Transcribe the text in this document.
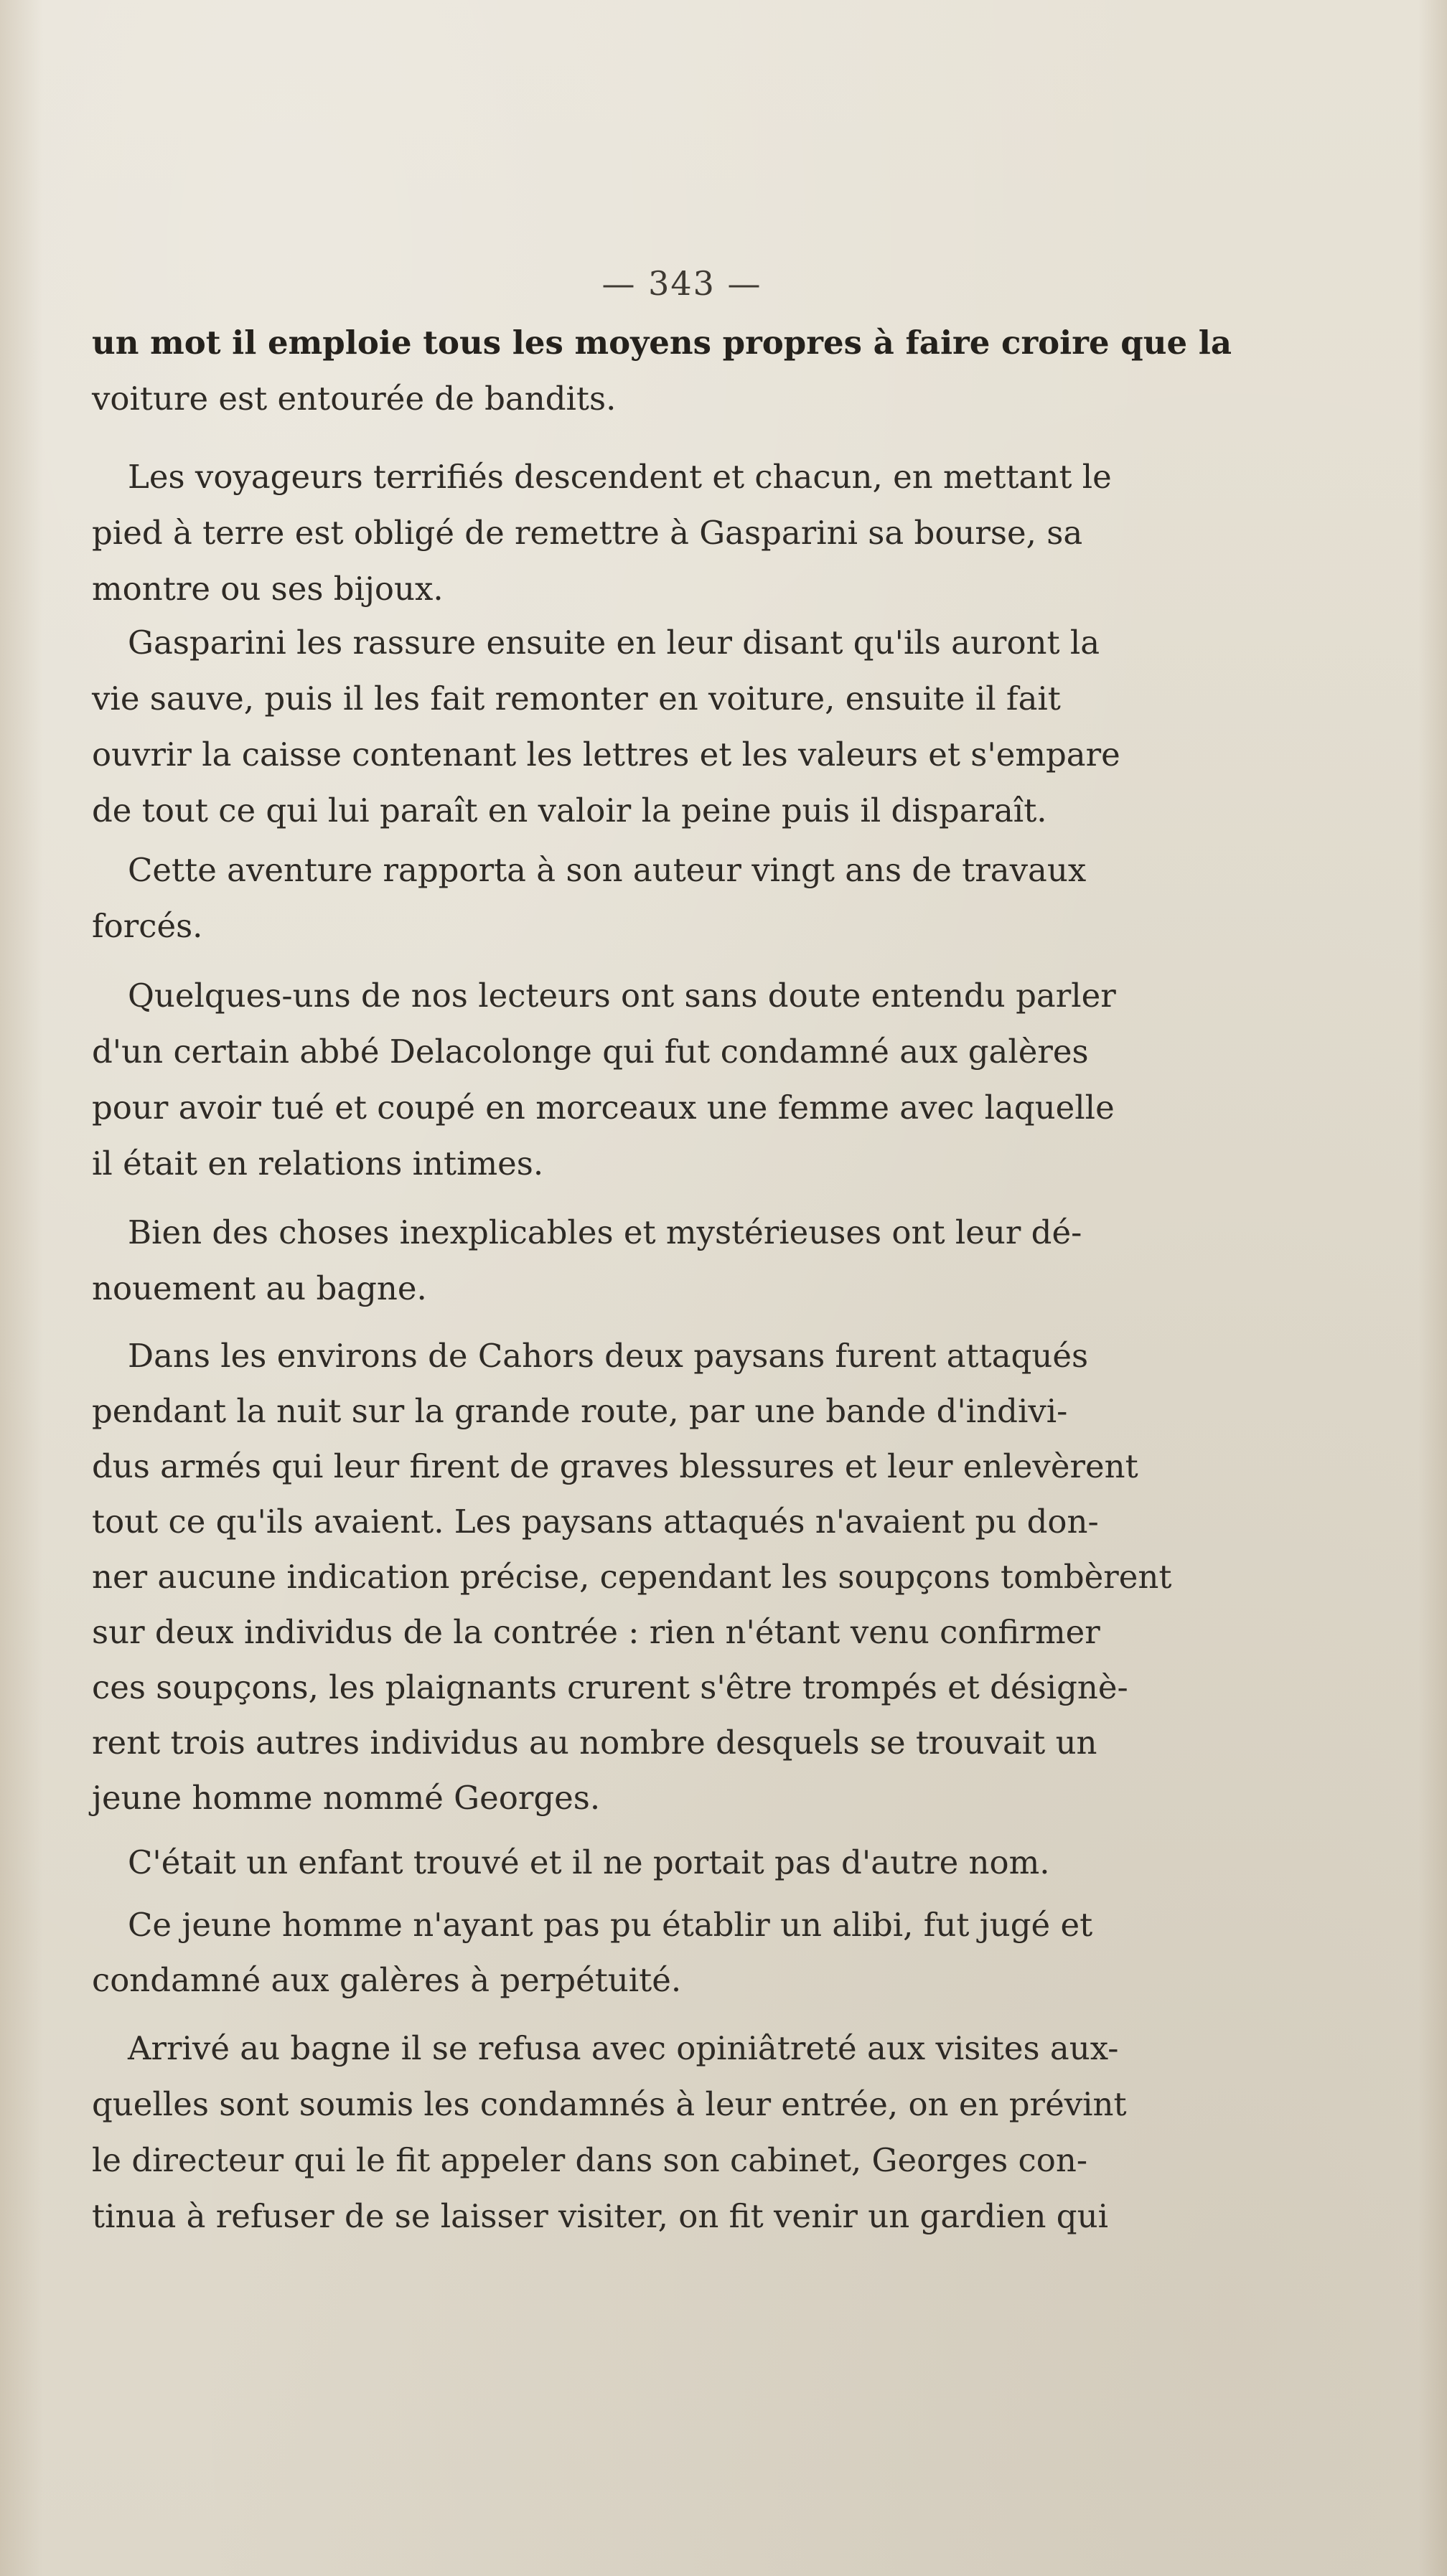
— 343 —
un mot il emploie tous les moyens propres à faire croire que la
voiture est entourée de bandits.
Les voyageurs terrifiés descendent et chacun, en mettant le
pied à terre est obligé de remettre à Gasparini sa bourse, sa
montre ou ses bijoux.
Gasparini les rassure ensuite en leur disant qu'ils auront la
vie sauve, puis il les fait remonter en voiture, ensuite il fait
ouvrir la caisse contenant les lettres et les valeurs et s'empare
de tout ce qui lui paraît en valoir la peine puis il disparaît.
Cette aventure rapporta à son auteur vingt ans de travaux
forcés.
Quelques-uns de nos lecteurs ont sans doute entendu parler
d'un certain abbé Delacolonge qui fut condamné aux galères
pour avoir tué et coupé en morceaux une femme avec laquelle
il était en relations intimes.
Bien des choses inexplicables et mystérieuses ont leur dé-
nouement au bagne.
Dans les environs de Cahors deux paysans furent attaqués
pendant la nuit sur la grande route, par une bande d'indivi-
dus armés qui leur firent de graves blessures et leur enlevèrent
tout ce qu'ils avaient. Les paysans attaqués n'avaient pu don-
ner aucune indication précise, cependant les soupçons tombèrent
sur deux individus de la contrée : rien n'étant venu confirmer
ces soupçons, les plaignants crurent s'être trompés et désignè-
rent trois autres individus au nombre desquels se trouvait un
jeune homme nommé Georges.
C'était un enfant trouvé et il ne portait pas d'autre nom.
Ce jeune homme n'ayant pas pu établir un alibi, fut jugé et
condamné aux galères à perpétuité.
Arrivé au bagne il se refusa avec opiniâtreté aux visites aux-
quelles sont soumis les condamnés à leur entrée, on en prévint
le directeur qui le fit appeler dans son cabinet, Georges con-
tinua à refuser de se laisser visiter, on fit venir un gardien qui
